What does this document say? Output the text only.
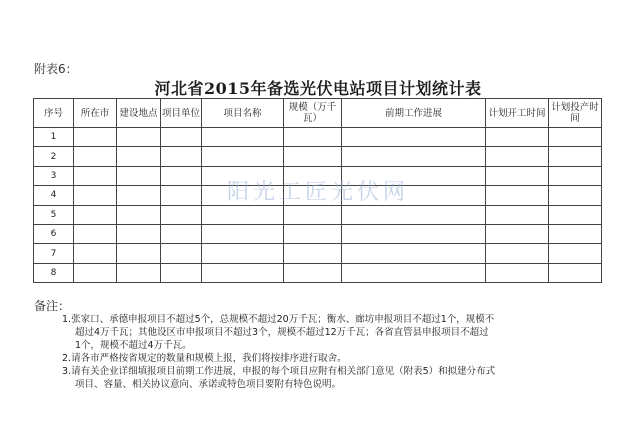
附表6：
河北省2015年备选光伏电站项目计划统计表
序号	所在市	建设地点	项目单位	项目名称	规模（万千瓦）	前期工作进展	计划开工时间	计划投产时间
1								
2								
3								
4								
5								
6								
7								
8								
阳光工匠光伏网
备注：

1.张家口、承德申报项目不超过5个，总规模不超过20万千瓦；衡水、廊坊申报项目不超过1个，规模不

超过4万千瓦；其他设区市申报项目不超过3个，规模不超过12万千瓦；各省直管县申报项目不超过

1个，规模不超过4万千瓦。

2.请各市严格按省规定的数量和规模上报，我们将按排序进行取舍。

3.请有关企业详细填报项目前期工作进展，申报的每个项目应附有相关部门意见（附表5）和拟建分布式

项目、容量、相关协议意向、承诺或特色项目要附有特色说明。
